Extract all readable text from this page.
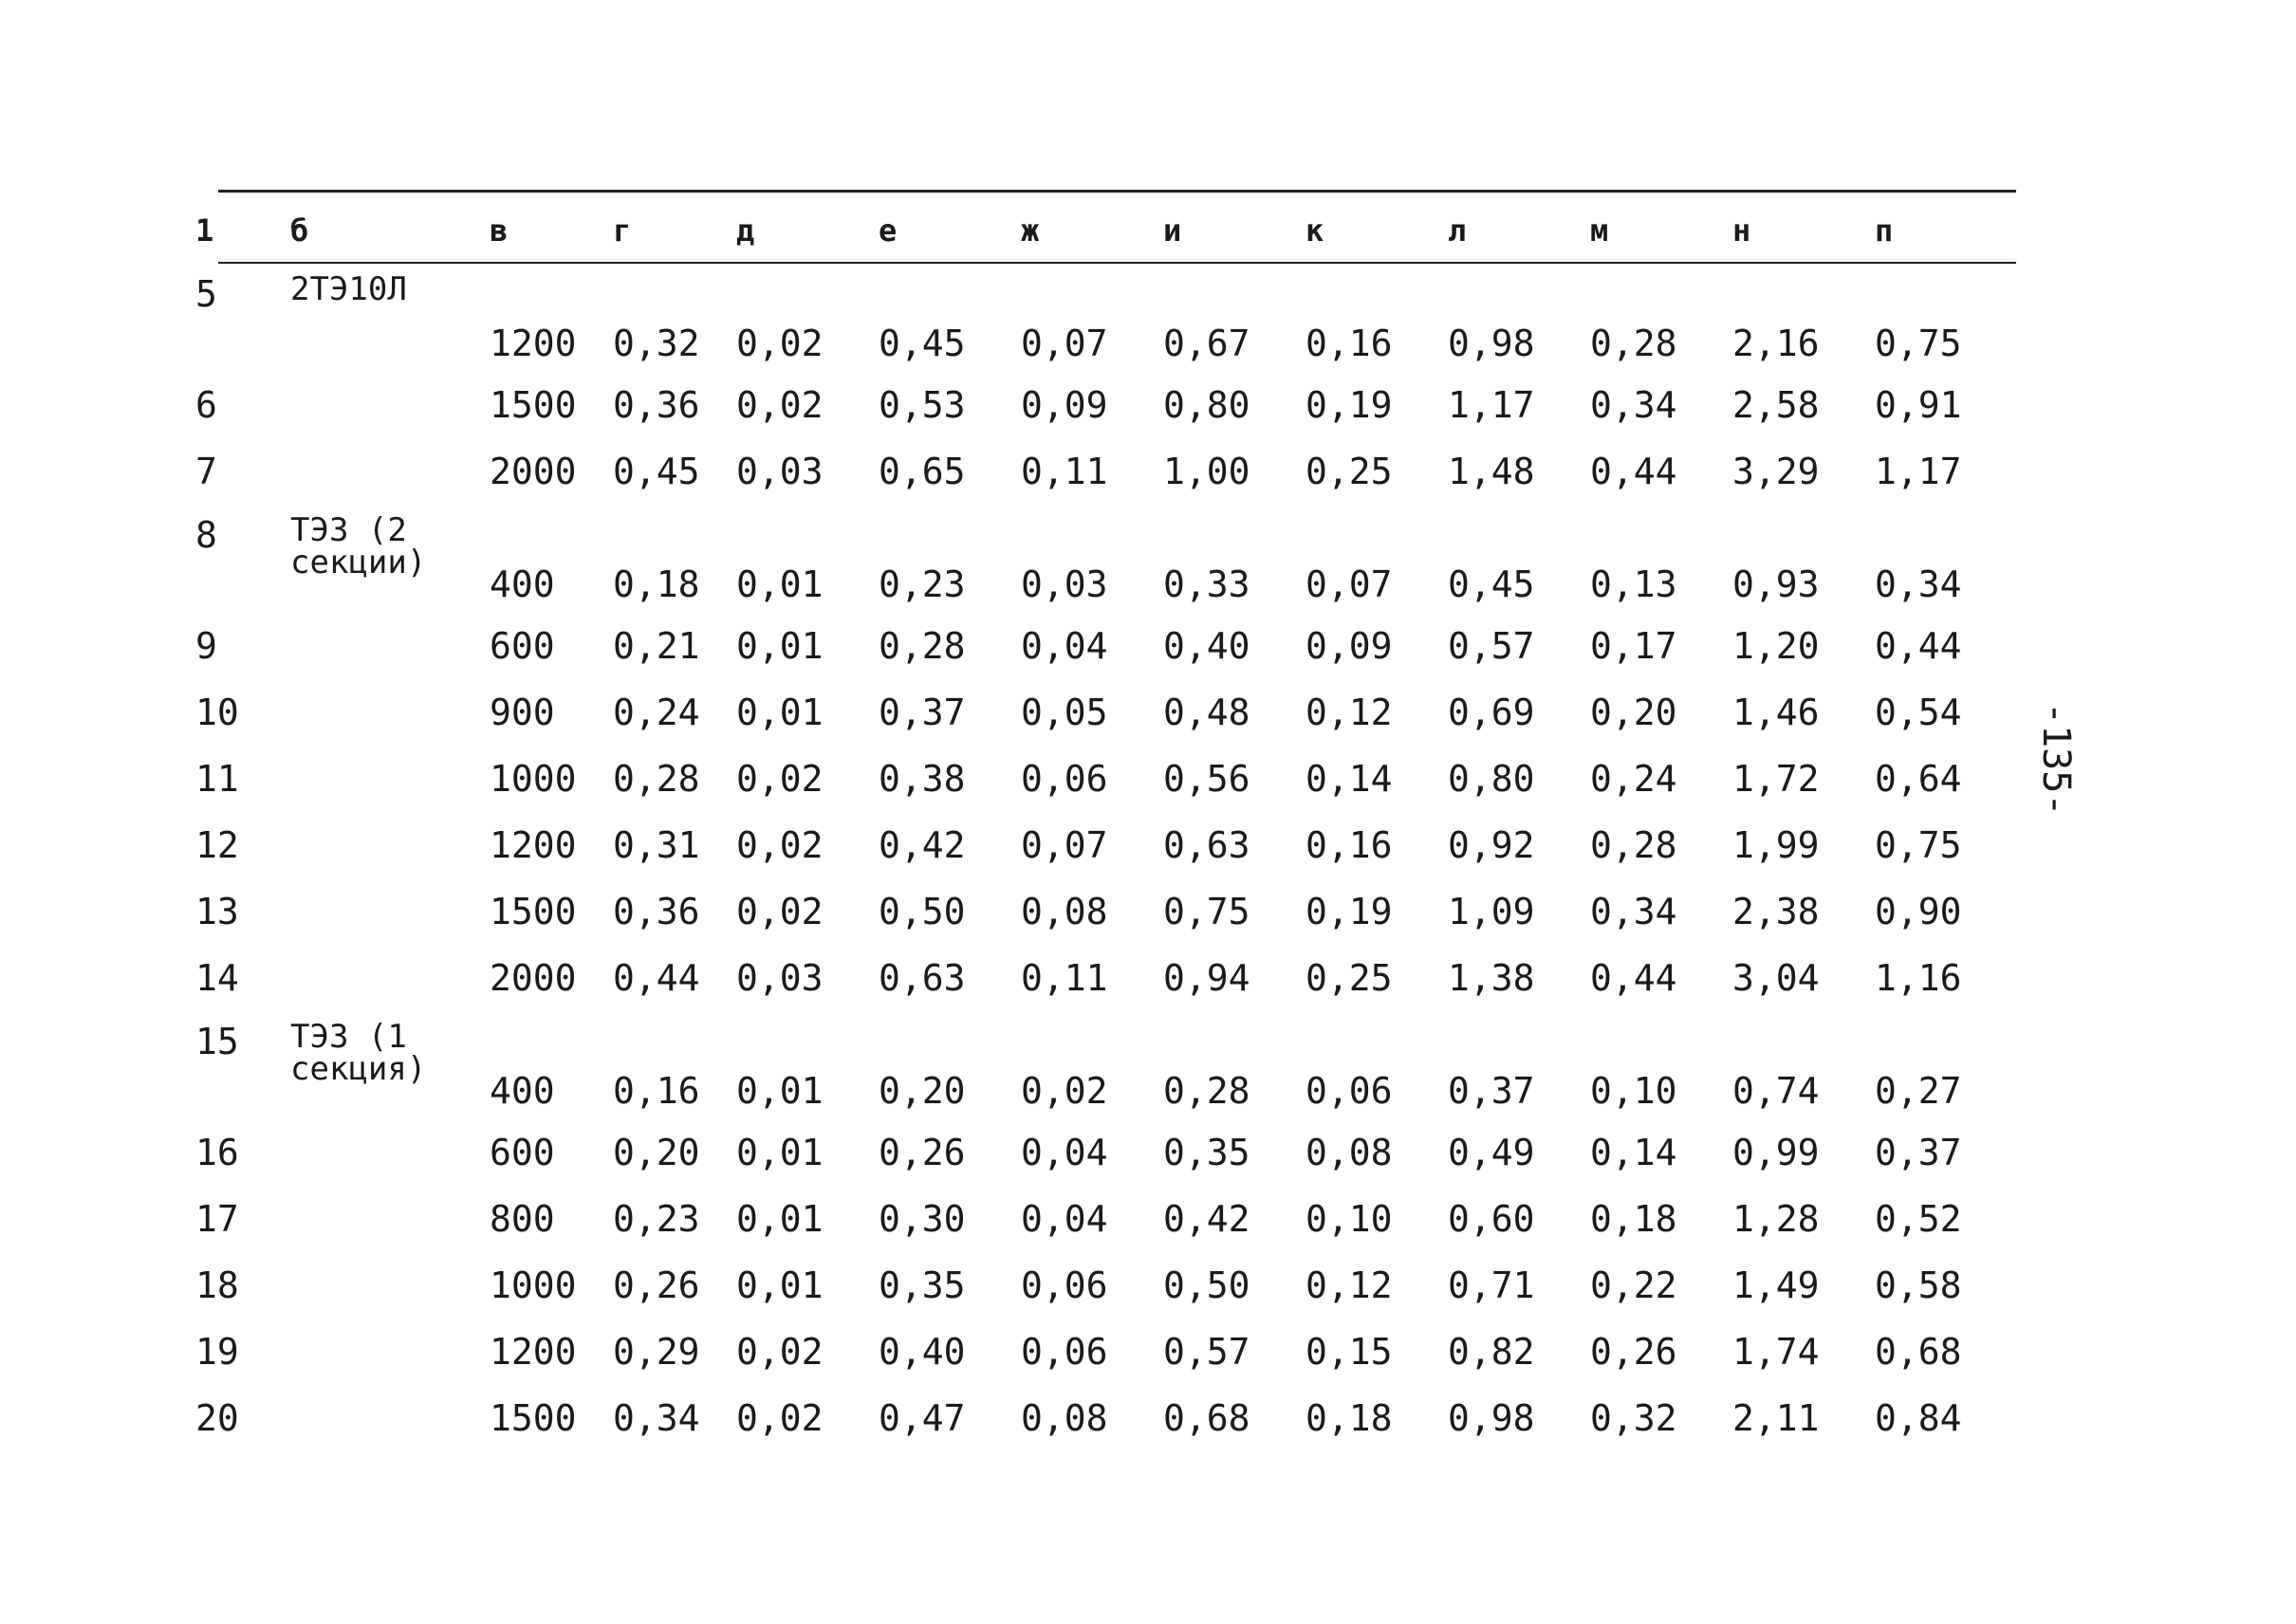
1	б	в	г	д	е	ж	и	к	л	м	н	п
5	2ТЭ10Л	1200	0,32	0,02	0,45	0,07	0,67	0,16	0,98	0,28	2,16	0,75
6		1500	0,36	0,02	0,53	0,09	0,80	0,19	1,17	0,34	2,58	0,91
7		2000	0,45	0,03	0,65	0,11	1,00	0,25	1,48	0,44	3,29	1,17
8	ТЭЗ (2 секции)	400	0,18	0,01	0,23	0,03	0,33	0,07	0,45	0,13	0,93	0,34
9		600	0,21	0,01	0,28	0,04	0,40	0,09	0,57	0,17	1,20	0,44
10		900	0,24	0,01	0,37	0,05	0,48	0,12	0,69	0,20	1,46	0,54
11		1000	0,28	0,02	0,38	0,06	0,56	0,14	0,80	0,24	1,72	0,64
12		1200	0,31	0,02	0,42	0,07	0,63	0,16	0,92	0,28	1,99	0,75
13		1500	0,36	0,02	0,50	0,08	0,75	0,19	1,09	0,34	2,38	0,90
14		2000	0,44	0,03	0,63	0,11	0,94	0,25	1,38	0,44	3,04	1,16
15	ТЭЗ (1 секция)	400	0,16	0,01	0,20	0,02	0,28	0,06	0,37	0,10	0,74	0,27
16		600	0,20	0,01	0,26	0,04	0,35	0,08	0,49	0,14	0,99	0,37
17		800	0,23	0,01	0,30	0,04	0,42	0,10	0,60	0,18	1,28	0,52
18		1000	0,26	0,01	0,35	0,06	0,50	0,12	0,71	0,22	1,49	0,58
19		1200	0,29	0,02	0,40	0,06	0,57	0,15	0,82	0,26	1,74	0,68
20		1500	0,34	0,02	0,47	0,08	0,68	0,18	0,98	0,32	2,11	0,84
-135-
